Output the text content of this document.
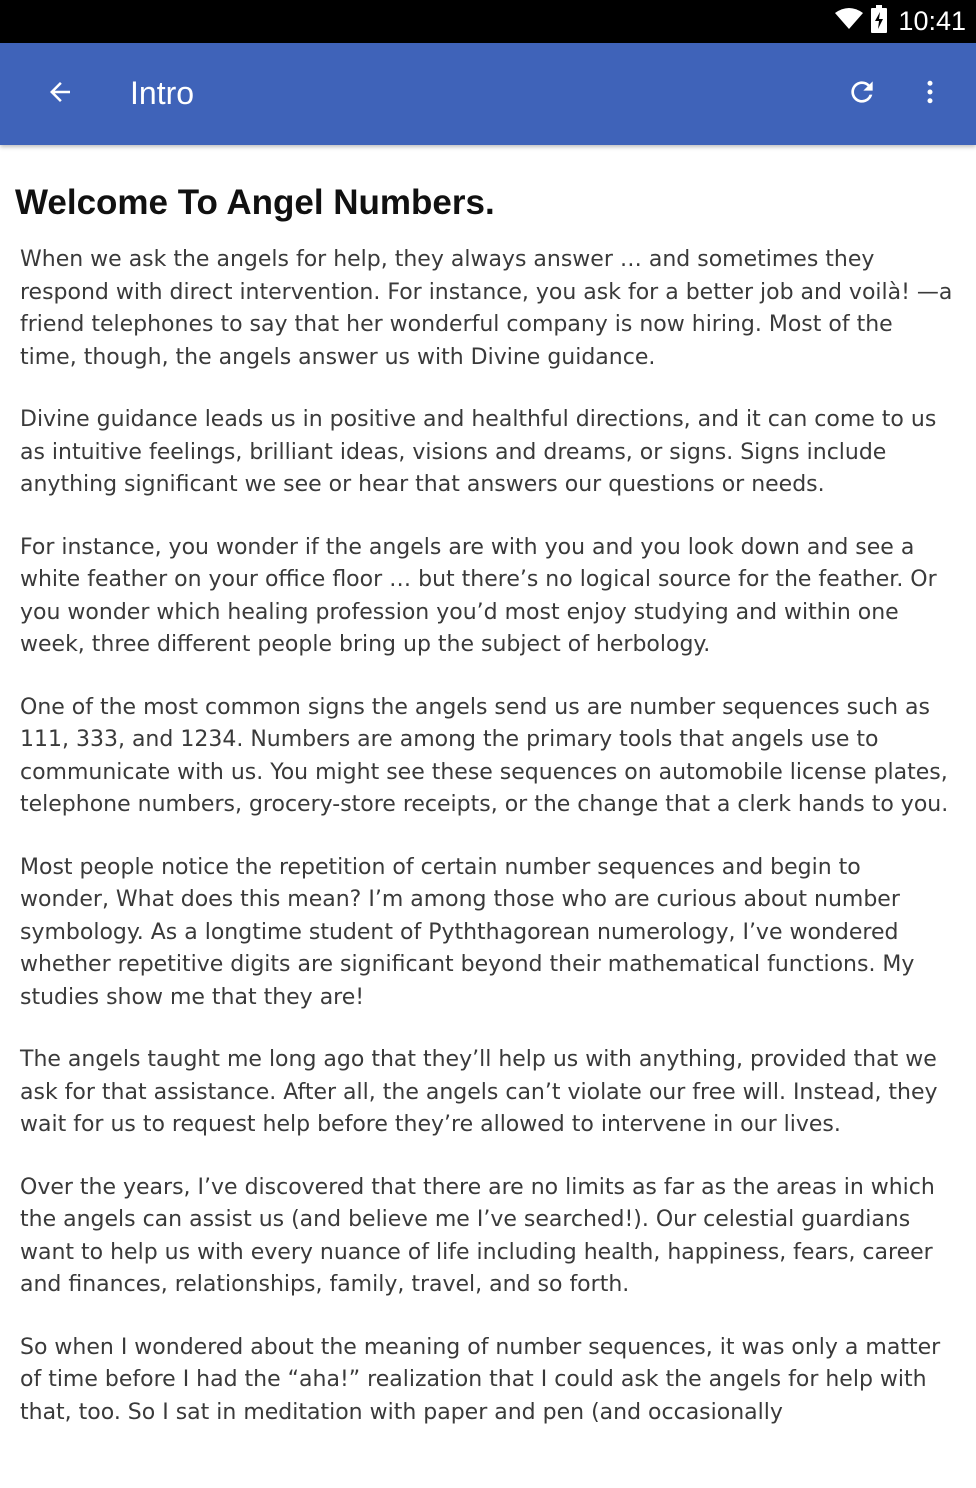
10:41
Intro
Welcome To Angel Numbers.

When we ask the angels for help, they always answer … and sometimes they respond with direct intervention. For instance, you ask for a better job and voilà! —a friend telephones to say that her wonderful company is now hiring. Most of the time, though, the angels answer us with Divine guidance.

Divine guidance leads us in positive and healthful directions, and it can come to us as intuitive feelings, brilliant ideas, visions and dreams, or signs. Signs include anything significant we see or hear that answers our questions or needs.

For instance, you wonder if the angels are with you and you look down and see a white feather on your office floor … but there’s no logical source for the feather. Or you wonder which healing profession you’d most enjoy studying and within one week, three different people bring up the subject of herbology.

One of the most common signs the angels send us are number sequences such as 111, 333, and 1234. Numbers are among the primary tools that angels use to communicate with us. You might see these sequences on automobile license plates, telephone numbers, grocery-store receipts, or the change that a clerk hands to you.

Most people notice the repetition of certain number sequences and begin to wonder, What does this mean? I’m among those who are curious about number symbology. As a longtime student of Pyththagorean numerology, I’ve wondered whether repetitive digits are significant beyond their mathematical functions. My studies show me that they are!

The angels taught me long ago that they’ll help us with anything, provided that we ask for that assistance. After all, the angels can’t violate our free will. Instead, they wait for us to request help before they’re allowed to intervene in our lives.

Over the years, I’ve discovered that there are no limits as far as the areas in which the angels can assist us (and believe me I’ve searched!). Our celestial guardians want to help us with every nuance of life including health, happiness, fears, career and finances, relationships, family, travel, and so forth.

So when I wondered about the meaning of number sequences, it was only a matter of time before I had the “aha!” realization that I could ask the angels for help with that, too. So I sat in meditation with paper and pen (and occasionally
